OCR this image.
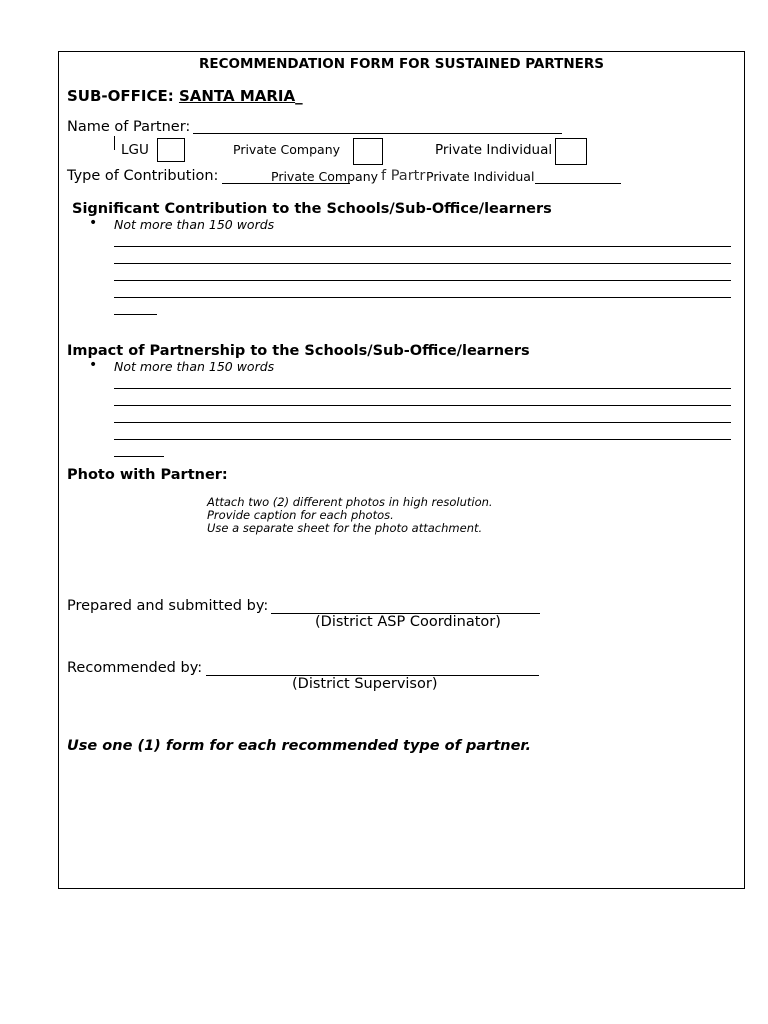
RECOMMENDATION FORM FOR SUSTAINED PARTNERS
SUB-OFFICE: SANTA MARIA_
Name of Partner:
LGU	Private Company	Private Individual
Type of Contribution:	Private Company f Partr Private Individual
Significant Contribution to the Schools/Sub-Office/learners
• Not more than 150 words
Impact of Partnership to the Schools/Sub-Office/learners
• Not more than 150 words
Photo with Partner:
Attach two (2) different photos in high resolution.
Provide caption for each photos.
Use a separate sheet for the photo attachment.
Prepared and submitted by:
(District ASP Coordinator)
Recommended by:
(District Supervisor)
Use one (1) form for each recommended type of partner.
